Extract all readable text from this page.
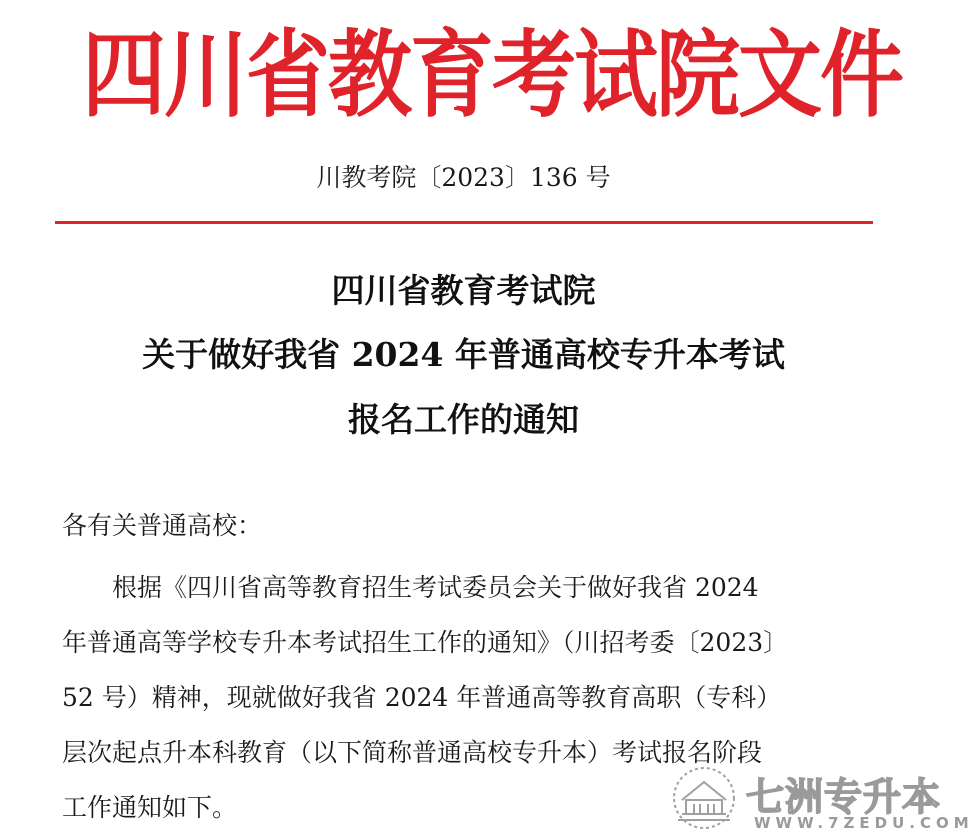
四川省教育考试院文件
川教考院〔2023〕136 号
四川省教育考试院
关于做好我省 2024 年普通高校专升本考试
报名工作的通知
各有关普通高校：
根据《四川省高等教育招生考试委员会关于做好我省 2024
年普通高等学校专升本考试招生工作的通知》（川招考委〔2023〕
52 号）精神，现就做好我省 2024 年普通高等教育高职（专科）
层次起点升本科教育（以下简称普通高校专升本）考试报名阶段
工作通知如下。	七洲专升本
WWW.7ZEDU.COM
